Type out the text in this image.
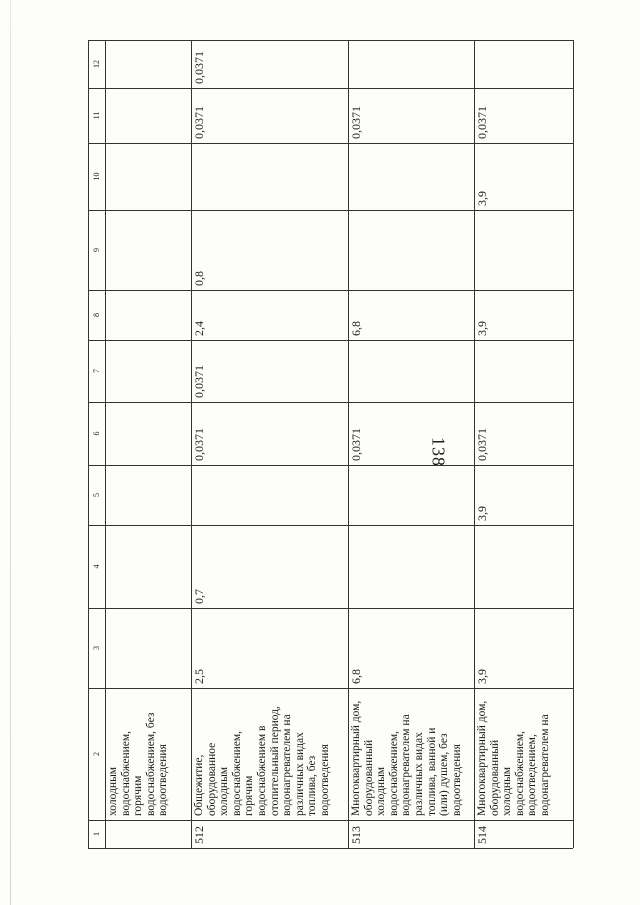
138
1
2
3
4
5
6
7
8
9
10
11
12
холодным
водоснабжением,
горячим
водоснабжением, без
водоотведения
512
Общежитие,
оборудованное
холодным
водоснабжением,
горячим
водоснабжением в
отопительный период,
водонагревателем на
различных видах
топлива, без
водоотведения
2,5
0,7
0,0371
0,0371
2,4
0,8
0,0371
0,0371
513
Многоквартирный дом,
оборудованный
холодным
водоснабжением,
водонагревателем на
различных видах
топлива, ванной и
(или) душем, без
водоотведения
6,8
0,0371
6,8
0,0371
514
Многоквартирный дом,
оборудованный
холодным
водоснабжением,
водоотведением,
водонагревателем на
3,9
3,9
0,0371
3,9
3,9
0,0371
